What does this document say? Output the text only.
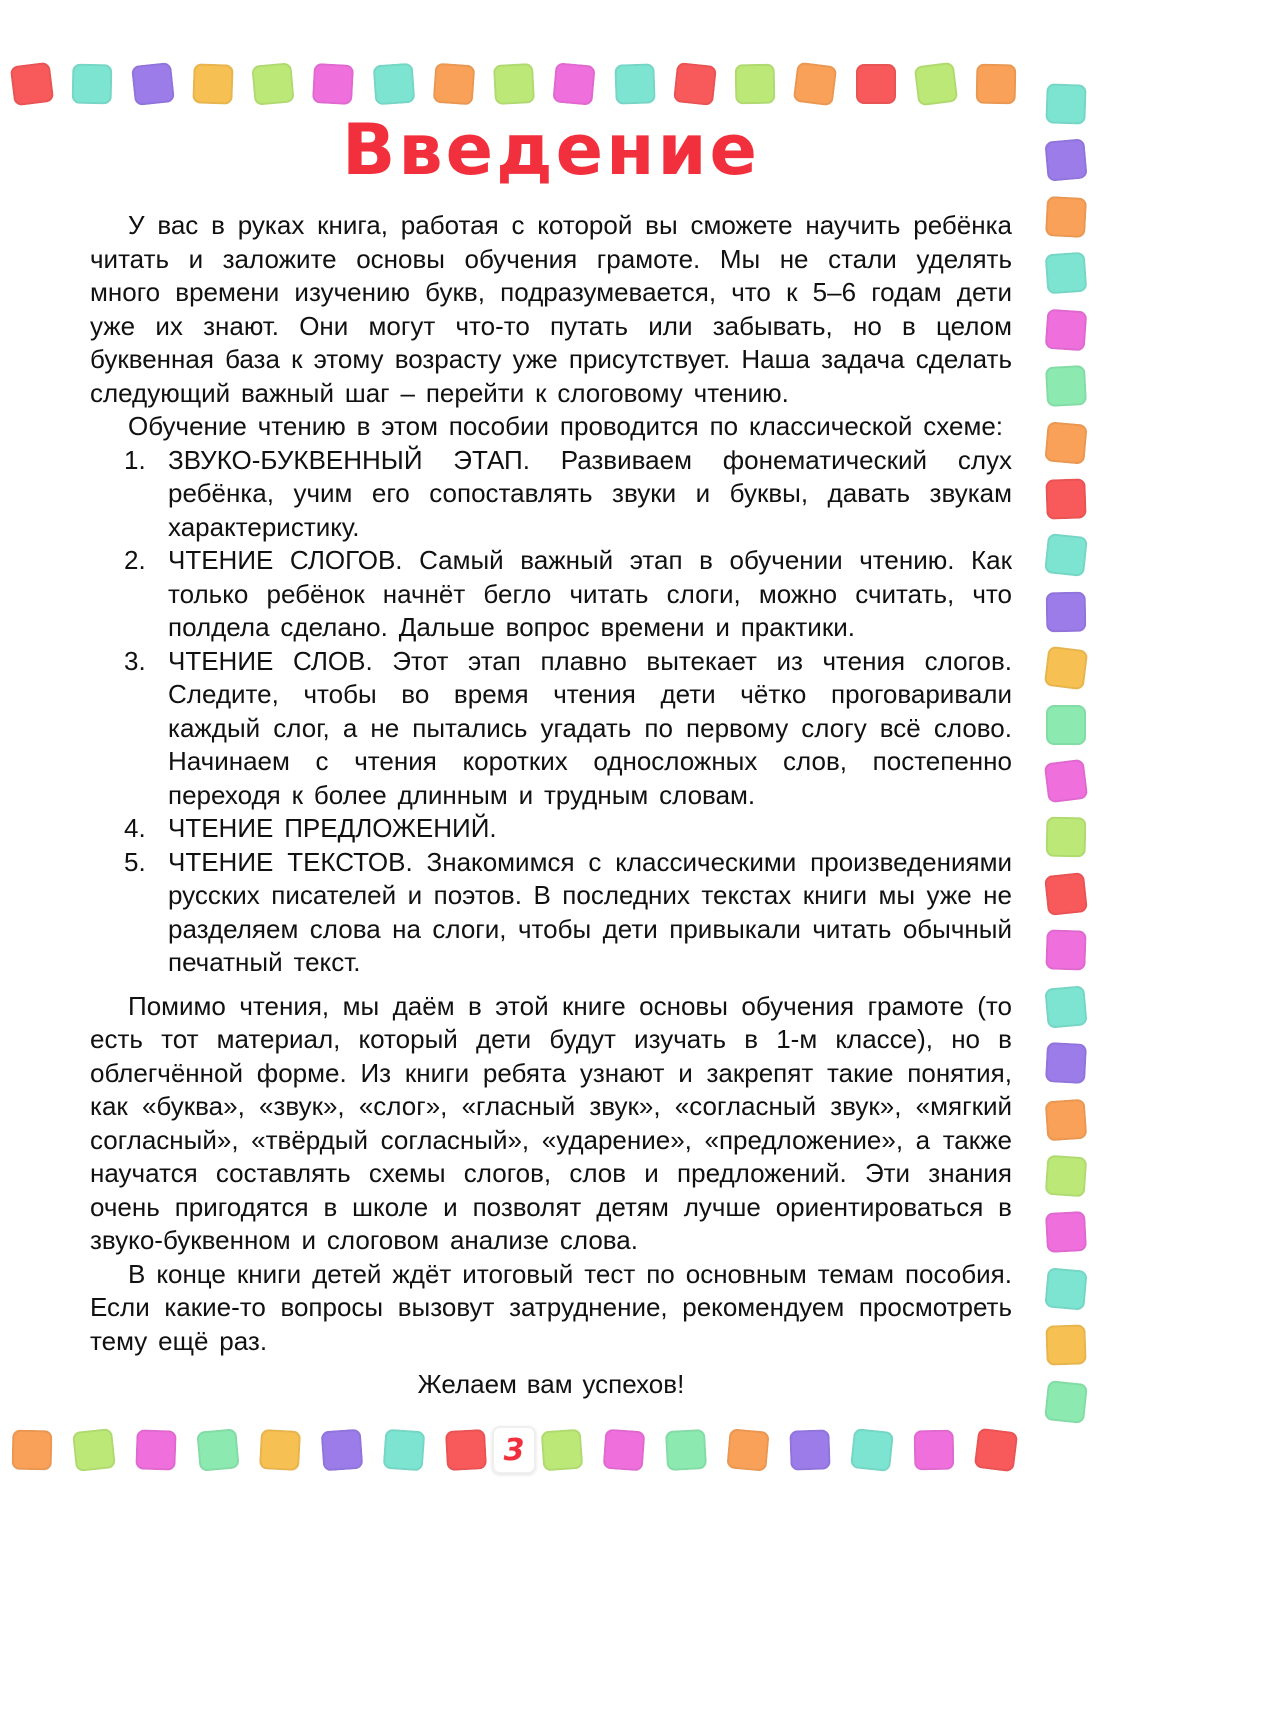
Введение

У вас в руках книга, работая с которой вы сможете научить ребёнка читать и заложите основы обучения грамоте. Мы не стали уделять много времени изучению букв, подразумевается, что к 5–6 годам дети уже их знают. Они могут что-то путать или забывать, но в целом буквенная база к этому возрасту уже присутствует. Наша задача сделать следующий важный шаг – перейти к слоговому чтению.

Обучение чтению в этом пособии проводится по классической схеме:

ЗВУКО-БУКВЕННЫЙ ЭТАП. Развиваем фонематический слух ребёнка, учим его сопоставлять звуки и буквы, давать звукам характеристику.
ЧТЕНИЕ СЛОГОВ. Самый важный этап в обучении чтению. Как только ребёнок начнёт бегло читать слоги, можно считать, что полдела сделано. Дальше вопрос времени и практики.
ЧТЕНИЕ СЛОВ. Этот этап плавно вытекает из чтения слогов. Следите, чтобы во время чтения дети чётко проговаривали каждый слог, а не пытались угадать по первому слогу всё слово. Начинаем с чтения коротких односложных слов, постепенно переходя к более длинным и трудным словам.
ЧТЕНИЕ ПРЕДЛОЖЕНИЙ.
ЧТЕНИЕ ТЕКСТОВ. Знакомимся с классическими произведениями русских писателей и поэтов. В последних текстах книги мы уже не разделяем слова на слоги, чтобы дети привыкали читать обычный печатный текст.

Помимо чтения, мы даём в этой книге основы обучения грамоте (то есть тот материал, который дети будут изучать в 1-м классе), но в облегчённой форме. Из книги ребята узнают и закрепят такие понятия, как «буква», «звук», «слог», «гласный звук», «согласный звук», «мягкий согласный», «твёрдый согласный», «ударение», «предложение», а также научатся составлять схемы слогов, слов и предложений. Эти знания очень пригодятся в школе и позволят детям лучше ориентироваться в звуко-буквенном и слоговом анализе слова.

В конце книги детей ждёт итоговый тест по основным темам пособия. Если какие-то вопросы вызовут затруднение, рекомендуем просмотреть тему ещё раз.

Желаем вам успехов!

3
